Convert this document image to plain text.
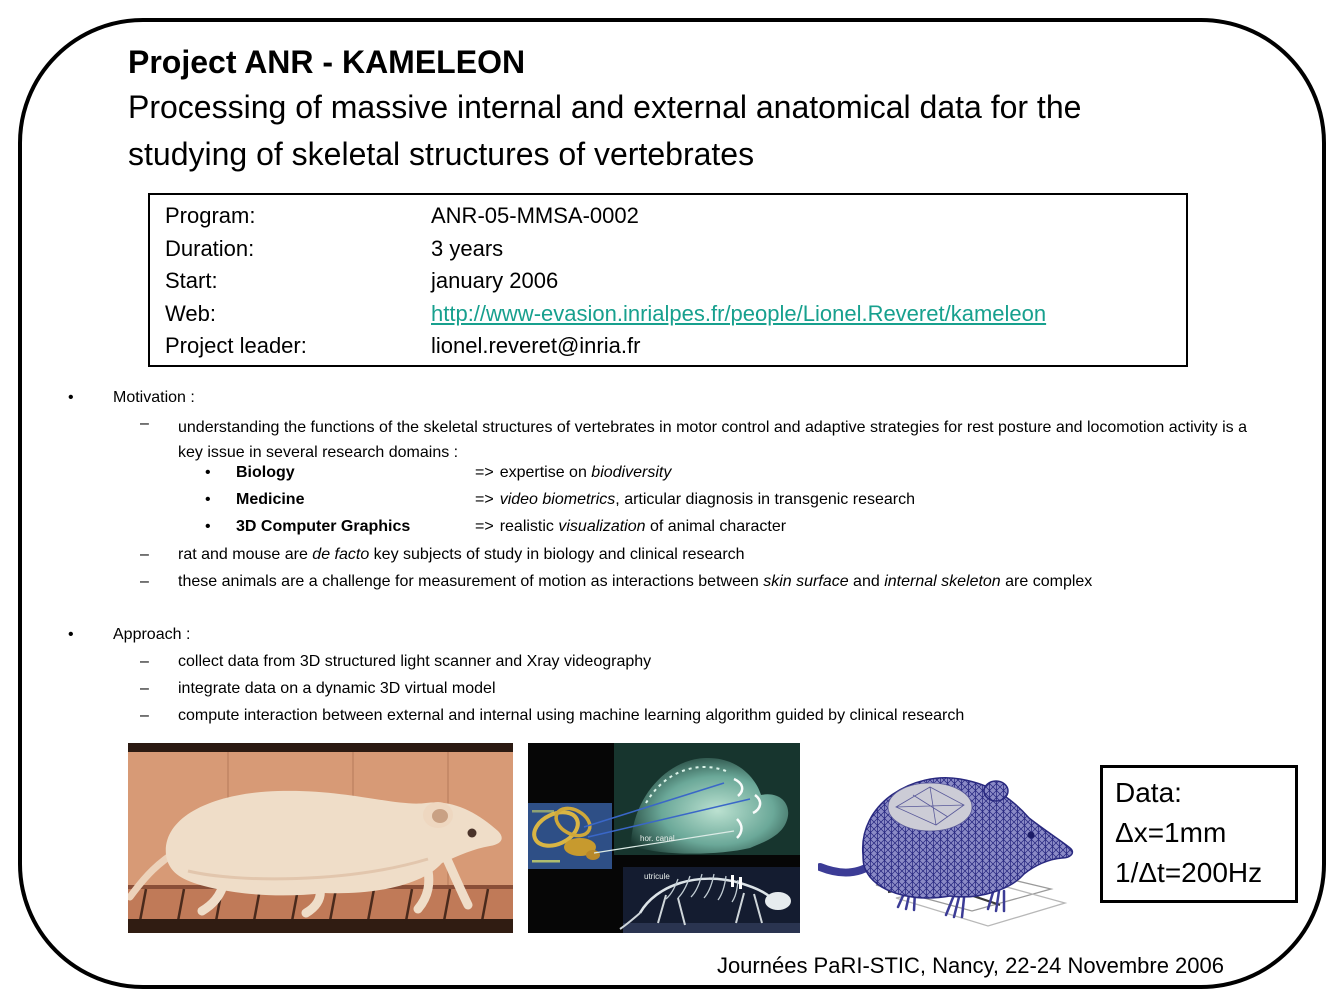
Project ANR - KAMELEON
Processing of massive internal and external anatomical data for the
studying of skeletal structures of vertebrates
Program:	ANR-05-MMSA-0002
Duration:	3 years
Start:	january 2006
Web:	http://www-evasion.inrialpes.fr/people/Lionel.Reveret/kameleon
Project leader:	lionel.reveret@inria.fr
• Motivation :
– understanding the functions of the skeletal structures of vertebrates in motor control and adaptive strategies for rest posture and locomotion activity is a key issue in several research domains :
•	Biology	=> expertise on biodiversity
•	Medicine	=> video biometrics, articular diagnosis in transgenic research
•	3D Computer Graphics	=> realistic visualization of animal character
– rat and mouse are de facto key subjects of study in biology and clinical research
– these animals are a challenge for measurement of motion as interactions between skin surface and internal skeleton are complex
• Approach :
– collect data from 3D structured light scanner and Xray videography
– integrate data on a dynamic 3D virtual model
– compute interaction between external and internal using machine learning algorithm guided by clinical research
hor. canal
utricule
Data:
Δx=1mm
1/Δt=200Hz
Journées PaRI-STIC, Nancy, 22-24 Novembre 2006
